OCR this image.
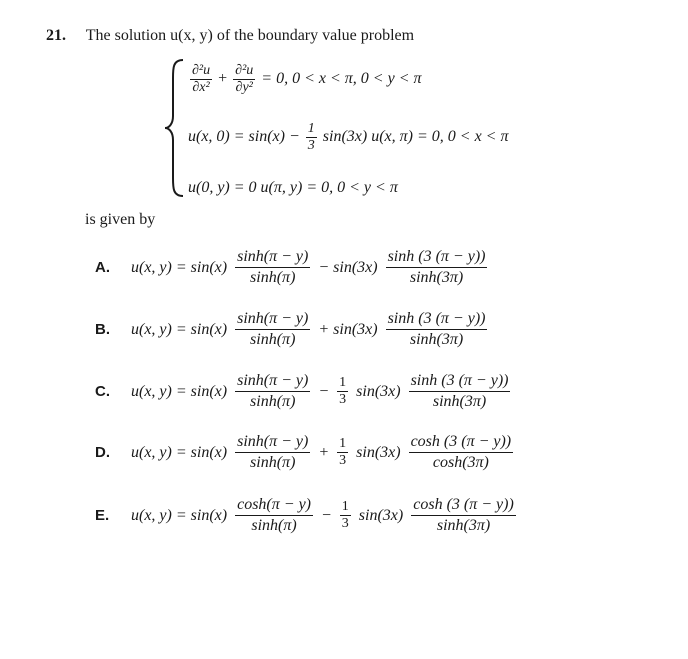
21. The solution u(x, y) of the boundary value problem
$\frac{\text{∂²u}}{\text{∂x²}} + \frac{\text{∂²u}}{\text{∂y²}} = 0$, 0 < x < π, 0 < y < π
u(x, $0) = \sin(x) - \frac{1}{3} \sin(3x)$ u(x, π) = 0, 0 < x < π
u(0, y) = 0 u(π, y) = 0, 0 < y < π
is given by
A.	u(x, $y) = \sin(x) \frac{\sinh(\pi - y)}{\sinh(\pi)} - \sin(3x) \frac{\sinh (3 (\pi - y))}{\sinh(3\pi)}$
B.	u(x, $y) = \sin(x) \frac{\sinh(\pi - y)}{\sinh(\pi)} + \sin(3x) \frac{\sinh (3 (\pi - y))}{\sinh(3\pi)}$
C.	u(x, $y) = \sin(x) \frac{\sinh(\pi - y)}{\sinh(\pi)} - \frac{1}{3} \sin(3x) \frac{\sinh (3 (\pi - y))}{\sinh(3\pi)}$
D.	u(x, $y) = \sin(x) \frac{\sinh(\pi - y)}{\sinh(\pi)} + \frac{1}{3} \sin(3x) \frac{\cosh (3 (\pi - y))}{\cosh(3\pi)}$
E.	u(x, $y) = \sin(x) \frac{\cosh(\pi - y)}{\sinh(\pi)} - \frac{1}{3} \sin(3x) \frac{\cosh (3 (\pi - y))}{\sinh(3\pi)}$
